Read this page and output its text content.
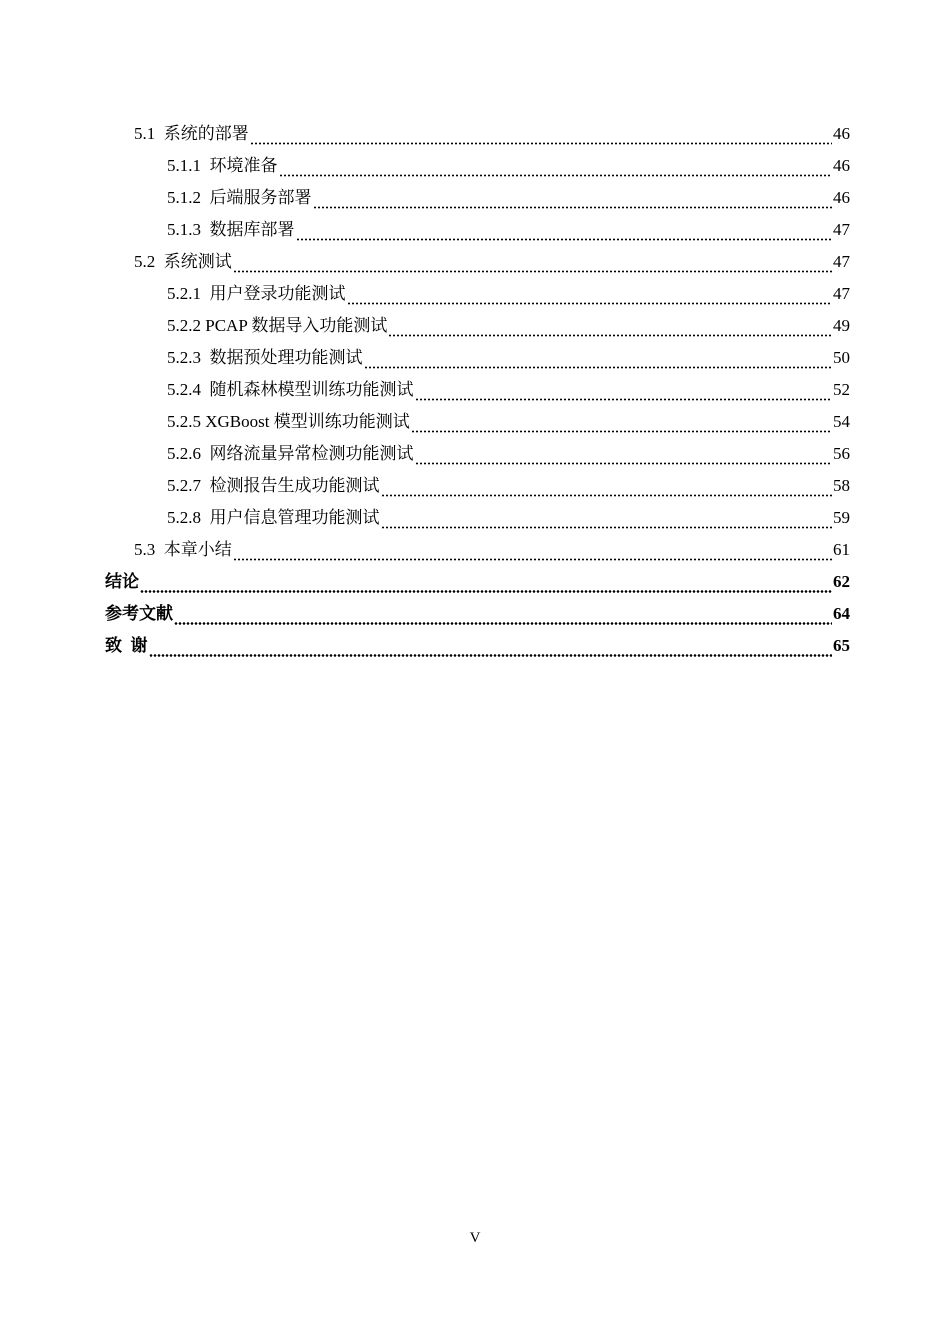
5.1  系统的部署	46
5.1.1  环境准备	46
5.1.2  后端服务部署	46
5.1.3  数据库部署	47
5.2  系统测试	47
5.2.1  用户登录功能测试	47
5.2.2 PCAP 数据导入功能测试	49
5.2.3  数据预处理功能测试	50
5.2.4  随机森林模型训练功能测试	52
5.2.5 XGBoost 模型训练功能测试	54
5.2.6  网络流量异常检测功能测试	56
5.2.7  检测报告生成功能测试	58
5.2.8  用户信息管理功能测试	59
5.3  本章小结	61
结论	62
参考文献	64
致  谢	65
V
